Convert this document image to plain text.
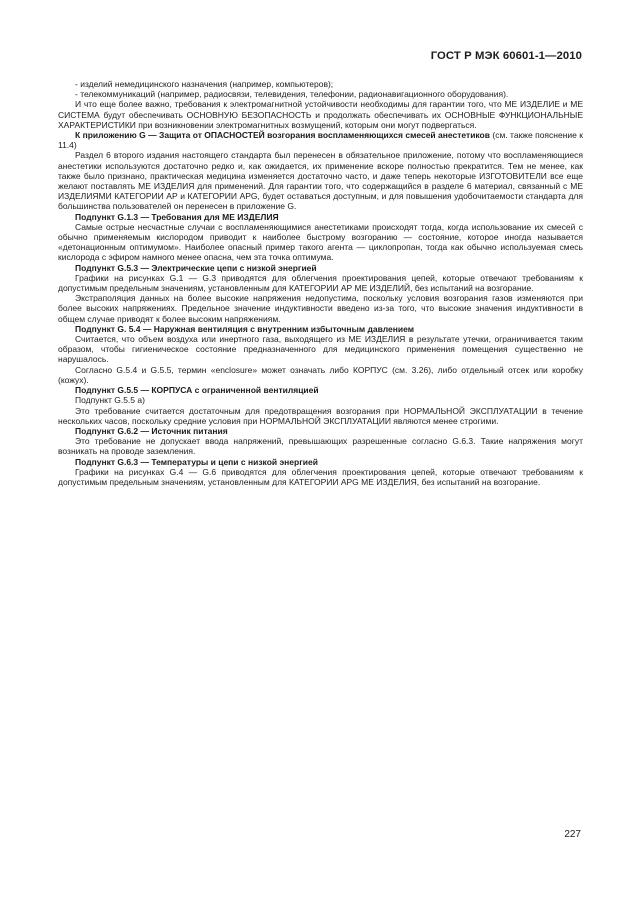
ГОСТ Р МЭК 60601-1—2010

- изделий немедицинского назначения (например, компьютеров);

- телекоммуникаций (например, радиосвязи, телевидения, телефонии, радионавигационного оборудования).

И что еще более важно, требования к электромагнитной устойчивости необходимы для гарантии того, что МЕ ИЗДЕЛИЕ и МЕ СИСТЕМА будут обеспечивать ОСНОВНУЮ БЕЗОПАСНОСТЬ и продолжать обеспечивать их ОСНОВНЫЕ ФУНКЦИОНАЛЬНЫЕ ХАРАКТЕРИСТИКИ при возникновении электромагнитных возмущений, которым они могут подвергаться.

К приложению G — Защита от ОПАСНОСТЕЙ возгорания воспламеняющихся смесей анестетиков (см. также пояснение к 11.4)

Раздел 6 второго издания настоящего стандарта был перенесен в обязательное приложение, потому что воспламеняющиеся анестетики используются достаточно редко и, как ожидается, их применение вскоре полностью прекратится. Тем не менее, как также было признано, практическая медицина изменяется достаточно часто, и даже теперь некоторые ИЗГОТОВИТЕЛИ все еще желают поставлять МЕ ИЗДЕЛИЯ для применений. Для гарантии того, что содержащийся в разделе 6 материал, связанный с МЕ ИЗДЕЛИЯМИ КАТЕГОРИИ АР и КАТЕГОРИИ APG, будет оставаться доступным, и для повышения удобочитаемости стандарта для большинства пользователей он перенесен в приложение G.

Подпункт G.1.3 — Требования для МЕ ИЗДЕЛИЯ

Самые острые несчастные случаи с воспламеняющимися анестетиками происходят тогда, когда использование их смесей с обычно применяемым кислородом приводит к наиболее быстрому возгоранию — состояние, которое иногда называется «детонационным оптимумом». Наиболее опасный пример такого агента — циклопропан, тогда как обычно используемая смесь кислорода с эфиром намного менее опасна, чем эта точка оптимума.

Подпункт G.5.3 — Электрические цепи с низкой энергией

Графики на рисунках G.1 — G.3 приводятся для облегчения проектирования цепей, которые отвечают требованиям к допустимым предельным значениям, установленным для КАТЕГОРИИ АР МЕ ИЗДЕЛИЙ, без испытаний на возгорание.

Экстраполяция данных на более высокие напряжения недопустима, поскольку условия возгорания газов изменяются при более высоких напряжениях. Предельное значение индуктивности введено из-за того, что высокие значения индуктивности в общем случае приводят к более высоким напряжениям.

Подпункт G. 5.4 — Наружная вентиляция с внутренним избыточным давлением

Считается, что объем воздуха или инертного газа, выходящего из МЕ ИЗДЕЛИЯ в результате утечки, ограничивается таким образом, чтобы гигиеническое состояние предназначенного для медицинского применения помещения существенно не нарушалось.

Согласно G.5.4 и G.5.5, термин «enclosure» может означать либо КОРПУС (см. 3.26), либо отдельный отсек или коробку (кожух).

Подпункт G.5.5 — КОРПУСА с ограниченной вентиляцией

Подпункт G.5.5 а)

Это требование считается достаточным для предотвращения возгорания при НОРМАЛЬНОЙ ЭКСПЛУАТАЦИИ в течение нескольких часов, поскольку средние условия при НОРМАЛЬНОЙ ЭКСПЛУАТАЦИИ являются менее строгими.

Подпункт G.6.2 — Источник питания

Это требование не допускает ввода напряжений, превышающих разрешенные согласно G.6.3. Такие напряжения могут возникать на проводе заземления.

Подпункт G.6.3 — Температуры и цепи с низкой энергией

Графики на рисунках G.4 — G.6 приводятся для облегчения проектирования цепей, которые отвечают требованиям к допустимым предельным значениям, установленным для КАТЕГОРИИ APG МЕ ИЗДЕЛИЯ, без испытаний на возгорание.

227
